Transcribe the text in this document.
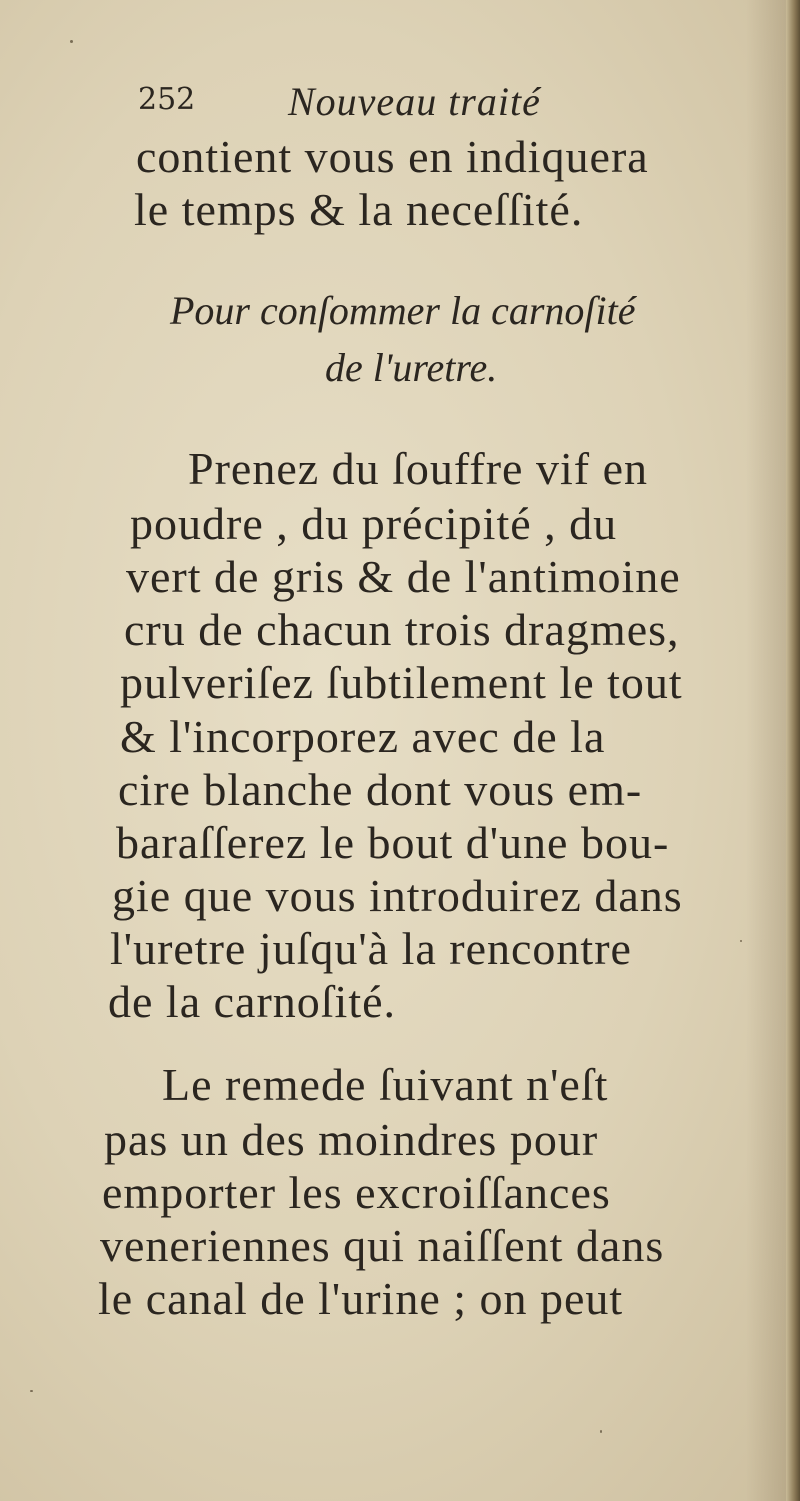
252 Nouveau traité
contient vous en indiquera
le temps & la neceſſité.
Pour conſommer la carnoſité
de l'uretre.
Prenez du ſouffre vif en
poudre , du précipité , du
vert de gris & de l'antimoine
cru de chacun trois dragmes,
pulveriſez ſubtilement le tout
& l'incorporez avec de la
cire blanche dont vous em-
baraſſerez le bout d'une bou-
gie que vous introduirez dans
l'uretre juſqu'à la rencontre
de la carnoſité.
Le remede ſuivant n'eſt
pas un des moindres pour
emporter les excroiſſances
veneriennes qui naiſſent dans
le canal de l'urine ; on peut
